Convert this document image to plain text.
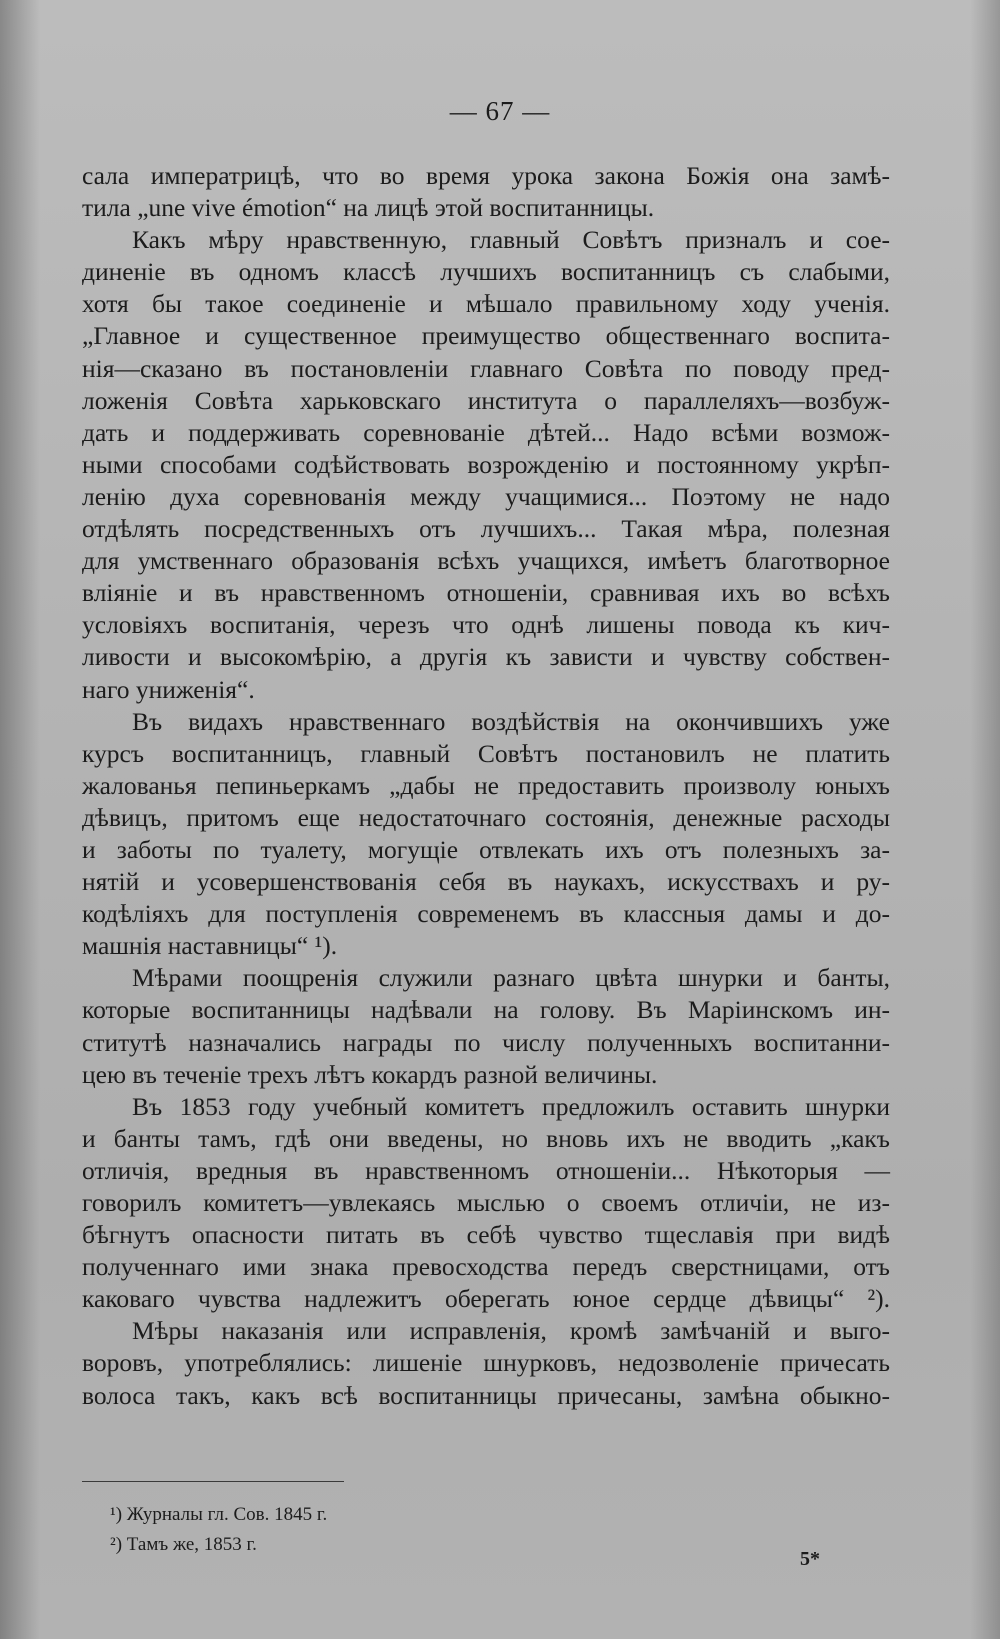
— 67 —
сала императрицѣ, что во время урока закона Божія она замѣ-
тила „une vive émotion“ на лицѣ этой воспитанницы.
Какъ мѣру нравственную, главный Совѣтъ призналъ и сое-
диненіе въ одномъ классѣ лучшихъ воспитанницъ съ слабыми,
хотя бы такое соединеніе и мѣшало правильному ходу ученія.
„Главное и существенное преимущество общественнаго воспита-
нія—сказано въ постановленіи главнаго Совѣта по поводу пред-
ложенія Совѣта харьковскаго института о параллеляхъ—возбуж-
дать и поддерживать соревнованіе дѣтей... Надо всѣми возмож-
ными способами содѣйствовать возрожденію и постоянному укрѣп-
ленію духа соревнованія между учащимися... Поэтому не надо
отдѣлять посредственныхъ отъ лучшихъ... Такая мѣра, полезная
для умственнаго образованія всѣхъ учащихся, имѣетъ благотворное
вліяніе и въ нравственномъ отношеніи, сравнивая ихъ во всѣхъ
условіяхъ воспитанія, черезъ что однѣ лишены повода къ кич-
ливости и высокомѣрію, а другія къ зависти и чувству собствен-
наго униженія“.
Въ видахъ нравственнаго воздѣйствія на окончившихъ уже
курсъ воспитанницъ, главный Совѣтъ постановилъ не платить
жалованья пепиньеркамъ „дабы не предоставить произволу юныхъ
дѣвицъ, притомъ еще недостаточнаго состоянія, денежные расходы
и заботы по туалету, могущіе отвлекать ихъ отъ полезныхъ за-
нятій и усовершенствованія себя въ наукахъ, искусствахъ и ру-
кодѣліяхъ для поступленія современемъ въ классныя дамы и до-
машнія наставницы“ ¹).
Мѣрами поощренія служили разнаго цвѣта шнурки и банты,
которые воспитанницы надѣвали на голову. Въ Маріинскомъ ин-
ститутѣ назначались награды по числу полученныхъ воспитанни-
цею въ теченіе трехъ лѣтъ кокардъ разной величины.
Въ 1853 году учебный комитетъ предложилъ оставить шнурки
и банты тамъ, гдѣ они введены, но вновь ихъ не вводить „какъ
отличія, вредныя въ нравственномъ отношеніи... Нѣкоторыя —
говорилъ комитетъ—увлекаясь мыслью о своемъ отличіи, не из-
бѣгнутъ опасности питать въ себѣ чувство тщеславія при видѣ
полученнаго ими знака превосходства передъ сверстницами, отъ
каковаго чувства надлежитъ оберегать юное сердце дѣвицы“ ²).
Мѣры наказанія или исправленія, кромѣ замѣчаній и выго-
воровъ, употреблялись: лишеніе шнурковъ, недозволеніе причесать
волоса такъ, какъ всѣ воспитанницы причесаны, замѣна обыкно-
¹) Журналы гл. Сов. 1845 г.
²) Тамъ же, 1853 г.
5*
